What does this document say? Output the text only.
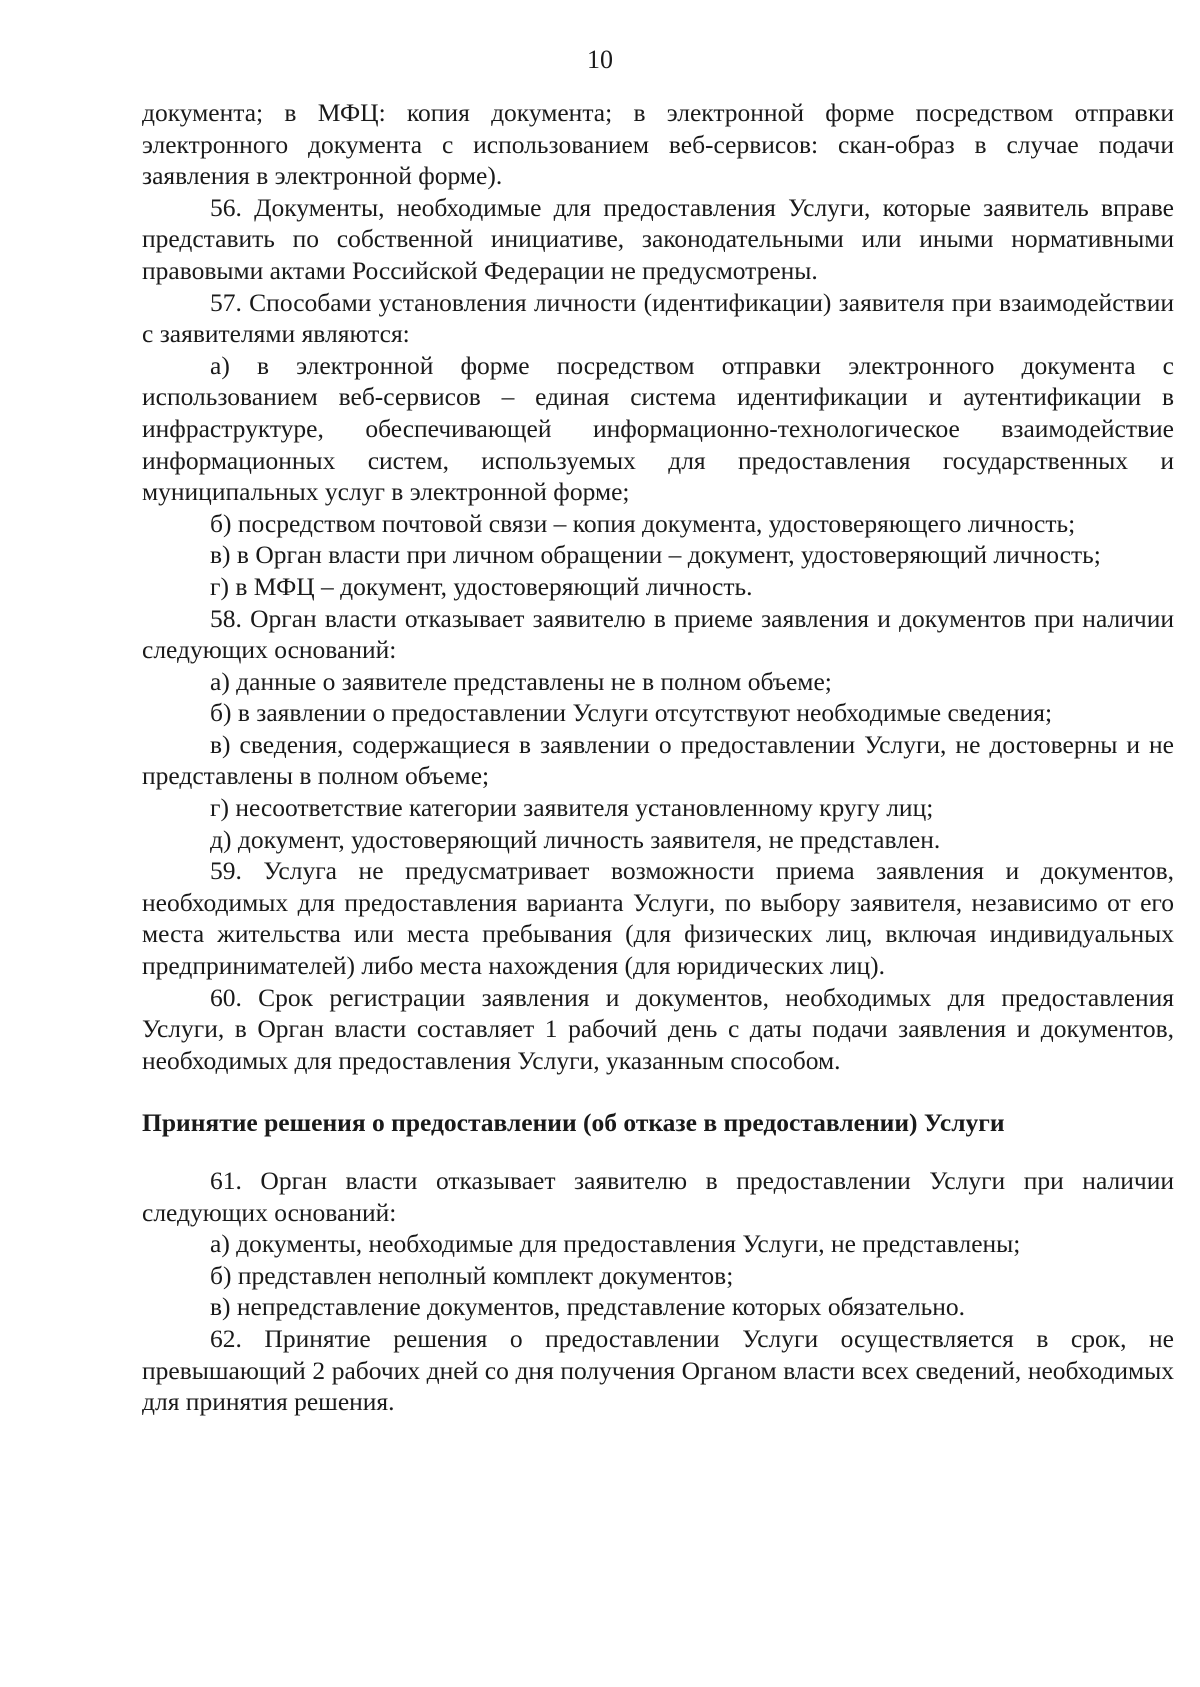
10

документа; в МФЦ: копия документа; в электронной форме посредством отправки электронного документа с использованием веб-сервисов: скан-образ в случае подачи заявления в электронной форме).

56. Документы, необходимые для предоставления Услуги, которые заявитель вправе представить по собственной инициативе, законодательными или иными нормативными правовыми актами Российской Федерации не предусмотрены.

57. Способами установления личности (идентификации) заявителя при взаимодействии с заявителями являются:

а) в электронной форме посредством отправки электронного документа с использованием веб-сервисов – единая система идентификации и аутентификации в инфраструктуре, обеспечивающей информационно-технологическое взаимодействие информационных систем, используемых для предоставления государственных и муниципальных услуг в электронной форме;

б) посредством почтовой связи – копия документа, удостоверяющего личность;

в) в Орган власти при личном обращении – документ, удостоверяющий личность;

г) в МФЦ – документ, удостоверяющий личность.

58. Орган власти отказывает заявителю в приеме заявления и документов при наличии следующих оснований:

а) данные о заявителе представлены не в полном объеме;

б) в заявлении о предоставлении Услуги отсутствуют необходимые сведения;

в) сведения, содержащиеся в заявлении о предоставлении Услуги, не достоверны и не представлены в полном объеме;

г) несоответствие категории заявителя установленному кругу лиц;

д) документ, удостоверяющий личность заявителя, не представлен.

59. Услуга не предусматривает возможности приема заявления и документов, необходимых для предоставления варианта Услуги, по выбору заявителя, независимо от его места жительства или места пребывания (для физических лиц, включая индивидуальных предпринимателей) либо места нахождения (для юридических лиц).

60. Срок регистрации заявления и документов, необходимых для предоставления Услуги, в Орган власти составляет 1 рабочий день с даты подачи заявления и документов, необходимых для предоставления Услуги, указанным способом.

Принятие решения о предоставлении (об отказе в предоставлении) Услуги

61. Орган власти отказывает заявителю в предоставлении Услуги при наличии следующих оснований:

а) документы, необходимые для предоставления Услуги, не представлены;

б) представлен неполный комплект документов;

в) непредставление документов, представление которых обязательно.

62. Принятие решения о предоставлении Услуги осуществляется в срок, не превышающий 2 рабочих дней со дня получения Органом власти всех сведений, необходимых для принятия решения.
